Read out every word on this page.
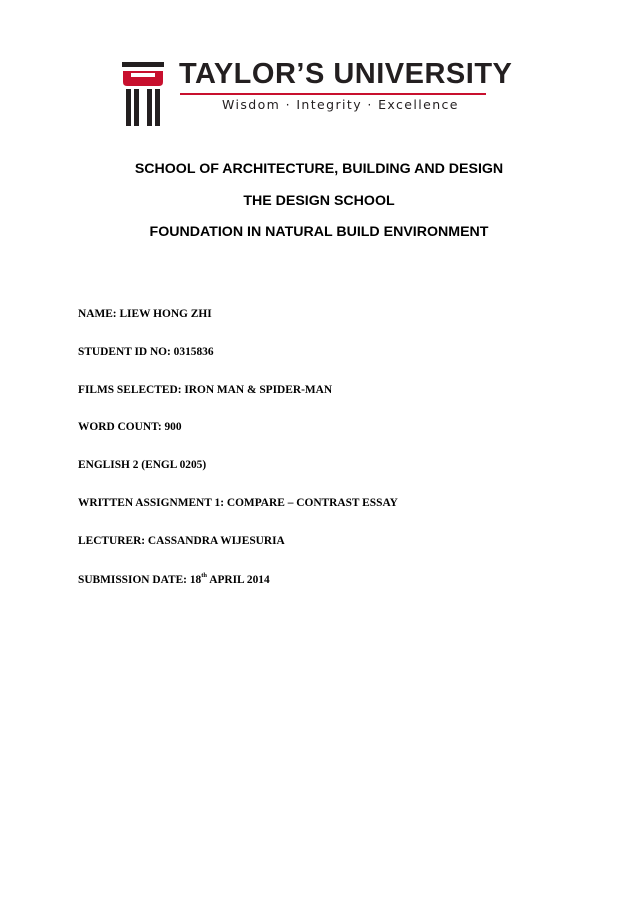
TAYLOR’S UNIVERSITY
Wisdom · Integrity · Excellence
SCHOOL OF ARCHITECTURE, BUILDING AND DESIGN
THE DESIGN SCHOOL
FOUNDATION IN NATURAL BUILD ENVIRONMENT
NAME: LIEW HONG ZHI
STUDENT ID NO: 0315836
FILMS SELECTED: IRON MAN & SPIDER-MAN
WORD COUNT: 900
ENGLISH 2 (ENGL 0205)
WRITTEN ASSIGNMENT 1: COMPARE – CONTRAST ESSAY
LECTURER: CASSANDRA WIJESURIA
SUBMISSION DATE: 18th APRIL 2014
